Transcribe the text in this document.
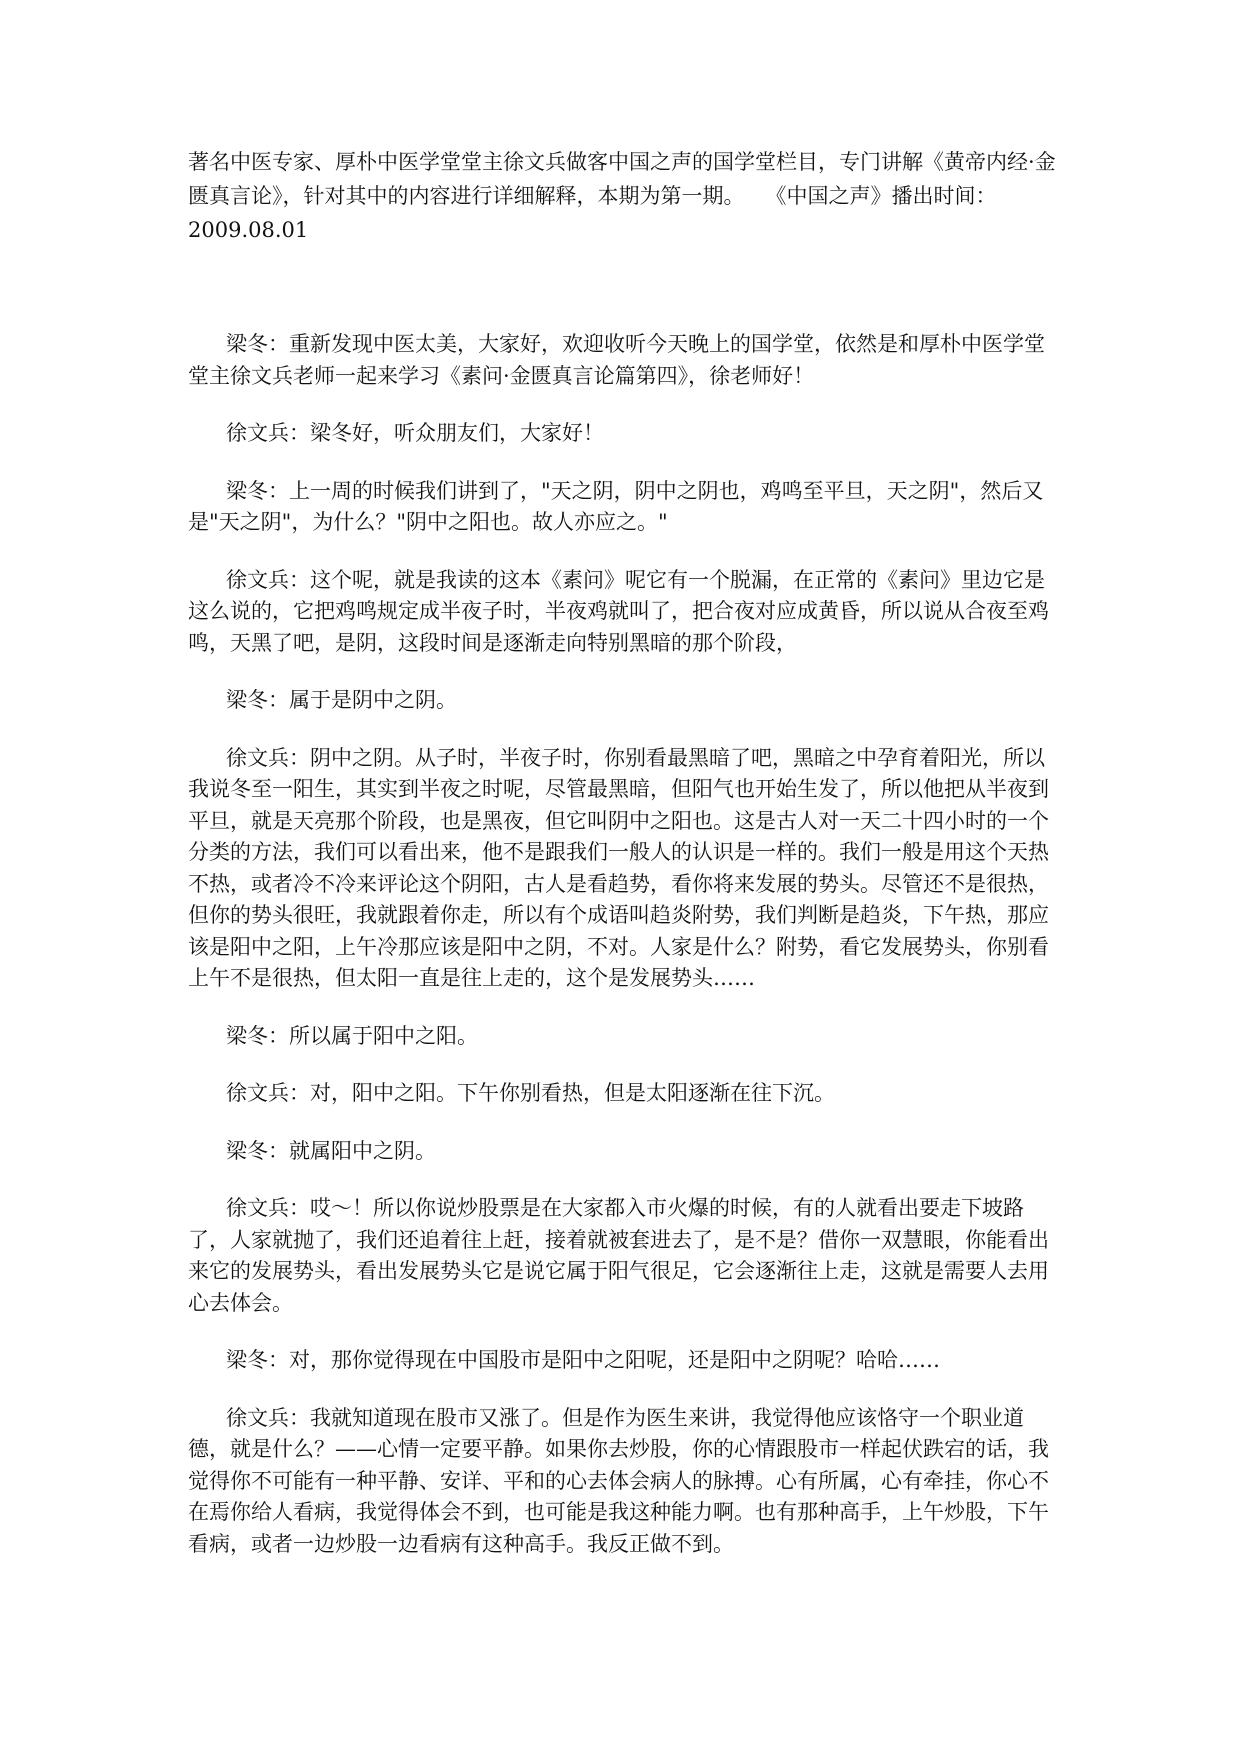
著名中医专家、厚朴中医学堂堂主徐文兵做客中国之声的国学堂栏目，专门讲解《黄帝内经·金匮真言论》，针对其中的内容进行详细解释，本期为第一期。　　《中国之声》播出时间：2009.08.01

梁冬：重新发现中医太美，大家好，欢迎收听今天晚上的国学堂，依然是和厚朴中医学堂堂主徐文兵老师一起来学习《素问·金匮真言论篇第四》，徐老师好！

徐文兵：梁冬好，听众朋友们，大家好！

梁冬：上一周的时候我们讲到了，"天之阴，阴中之阴也，鸡鸣至平旦，天之阴"，然后又是"天之阴"，为什么？"阴中之阳也。故人亦应之。"

徐文兵：这个呢，就是我读的这本《素问》呢它有一个脱漏，在正常的《素问》里边它是这么说的，它把鸡鸣规定成半夜子时，半夜鸡就叫了，把合夜对应成黄昏，所以说从合夜至鸡鸣，天黑了吧，是阴，这段时间是逐渐走向特别黑暗的那个阶段，

梁冬：属于是阴中之阴。

徐文兵：阴中之阴。从子时，半夜子时，你别看最黑暗了吧，黑暗之中孕育着阳光，所以我说冬至一阳生，其实到半夜之时呢，尽管最黑暗，但阳气也开始生发了，所以他把从半夜到平旦，就是天亮那个阶段，也是黑夜，但它叫阴中之阳也。这是古人对一天二十四小时的一个分类的方法，我们可以看出来，他不是跟我们一般人的认识是一样的。我们一般是用这个天热不热，或者冷不冷来评论这个阴阳，古人是看趋势，看你将来发展的势头。尽管还不是很热，但你的势头很旺，我就跟着你走，所以有个成语叫趋炎附势，我们判断是趋炎，下午热，那应该是阳中之阳，上午冷那应该是阳中之阴，不对。人家是什么？附势，看它发展势头，你别看上午不是很热，但太阳一直是往上走的，这个是发展势头……

梁冬：所以属于阳中之阳。

徐文兵：对，阳中之阳。下午你别看热，但是太阳逐渐在往下沉。

梁冬：就属阳中之阴。

徐文兵：哎～！所以你说炒股票是在大家都入市火爆的时候，有的人就看出要走下坡路了，人家就抛了，我们还追着往上赶，接着就被套进去了，是不是？借你一双慧眼，你能看出来它的发展势头，看出发展势头它是说它属于阳气很足，它会逐渐往上走，这就是需要人去用心去体会。

梁冬：对，那你觉得现在中国股市是阳中之阳呢，还是阳中之阴呢？哈哈……

徐文兵：我就知道现在股市又涨了。但是作为医生来讲，我觉得他应该恪守一个职业道德，就是什么？——心情一定要平静。如果你去炒股，你的心情跟股市一样起伏跌宕的话，我觉得你不可能有一种平静、安详、平和的心去体会病人的脉搏。心有所属，心有牵挂，你心不在焉你给人看病，我觉得体会不到，也可能是我这种能力啊。也有那种高手，上午炒股，下午看病，或者一边炒股一边看病有这种高手。我反正做不到。
